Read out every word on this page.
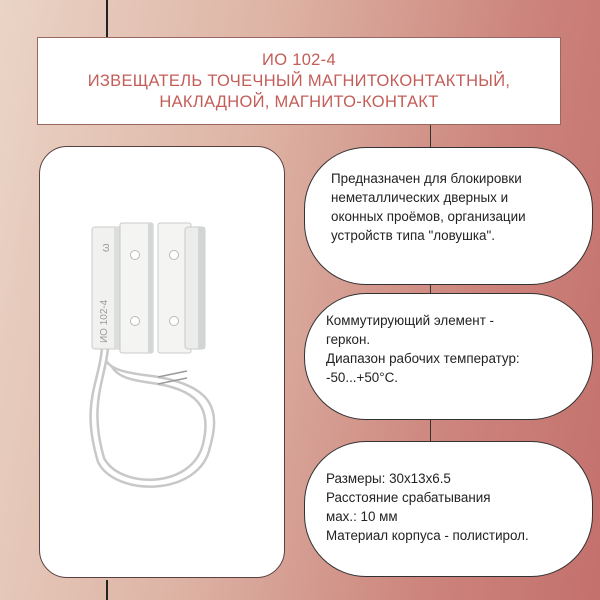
ИО 102-4
ИЗВЕЩАТЕЛЬ ТОЧЕЧНЫЙ МАГНИТОКОНТАКТНЫЙ,
НАКЛАДНОЙ, МАГНИТО-КОНТАКТ
ИО 102-4
ω
Предназначен для блокировки
неметаллических дверных и
оконных проёмов, организации
устройств типа "ловушка".
Коммутирующий элемент -
геркон.
Диапазон рабочих температур:
-50...+50°С.
Размеры: 30х13х6.5
Расстояние срабатывания
мах.: 10 мм
Материал корпуса - полистирол.
